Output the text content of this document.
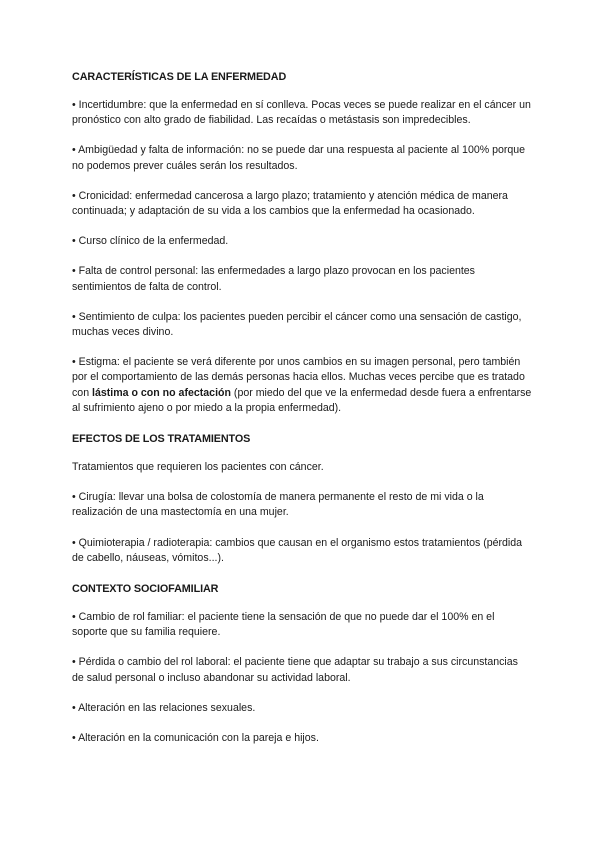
CARACTERÍSTICAS DE LA ENFERMEDAD

• Incertidumbre: que la enfermedad en sí conlleva. Pocas veces se puede realizar en el cáncer un pronóstico con alto grado de fiabilidad. Las recaídas o metástasis son impredecibles.

• Ambigüedad y falta de información: no se puede dar una respuesta al paciente al 100% porque no podemos prever cuáles serán los resultados.

• Cronicidad: enfermedad cancerosa a largo plazo; tratamiento y atención médica de manera continuada; y adaptación de su vida a los cambios que la enfermedad ha ocasionado.

• Curso clínico de la enfermedad.

• Falta de control personal: las enfermedades a largo plazo provocan en los pacientes sentimientos de falta de control.

• Sentimiento de culpa: los pacientes pueden percibir el cáncer como una sensación de castigo, muchas veces divino.

• Estigma: el paciente se verá diferente por unos cambios en su imagen personal, pero también por el comportamiento de las demás personas hacia ellos. Muchas veces percibe que es tratado con lástima o con no afectación (por miedo del que ve la enfermedad desde fuera a enfrentarse al sufrimiento ajeno o por miedo a la propia enfermedad).

EFECTOS DE LOS TRATAMIENTOS

Tratamientos que requieren los pacientes con cáncer.

• Cirugía: llevar una bolsa de colostomía de manera permanente el resto de mi vida o la realización de una mastectomía en una mujer.

• Quimioterapia / radioterapia: cambios que causan en el organismo estos tratamientos (pérdida de cabello, náuseas, vómitos...).

CONTEXTO SOCIOFAMILIAR

• Cambio de rol familiar: el paciente tiene la sensación de que no puede dar el 100% en el soporte que su familia requiere.

• Pérdida o cambio del rol laboral: el paciente tiene que adaptar su trabajo a sus circunstancias de salud personal o incluso abandonar su actividad laboral.

• Alteración en las relaciones sexuales.

• Alteración en la comunicación con la pareja e hijos.
